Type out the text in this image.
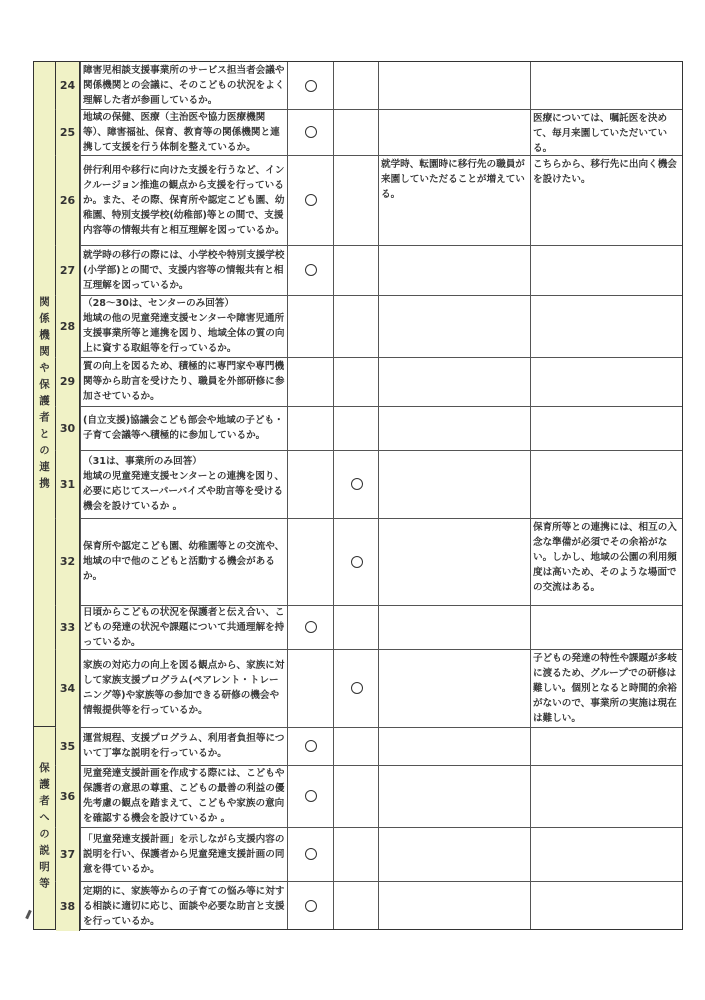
関係機関や保護者との連携
保護者への説明等
24
障害児相談支援事業所のサービス担当者会議や関係機関との会議に、そのこどもの状況をよく理解した者が参画しているか。
25
地域の保健、医療（主治医や協力医療機関等）、障害福祉、保育、教育等の関係機関と連携して支援を行う体制を整えているか。
医療については、嘱託医を決めて、毎月来園していただいている。
26
併行利用や移行に向けた支援を行うなど、インクルージョン推進の観点から支援を行っているか。また、その際、保育所や認定こども園、幼稚園、特別支援学校(幼稚部)等との間で、支援内容等の情報共有と相互理解を図っているか。
就学時、転園時に移行先の職員が来園していただることが増えている。
こちらから、移行先に出向く機会を設けたい。
27
就学時の移行の際には、小学校や特別支援学校(小学部)との間で、支援内容等の情報共有と相互理解を図っているか。
28
（28～30は、センターのみ回答）
地域の他の児童発達支援センターや障害児通所支援事業所等と連携を図り、地域全体の質の向上に資する取組等を行っているか。
29
質の向上を図るため、積極的に専門家や専門機関等から助言を受けたり、職員を外部研修に参加させているか。
30
(自立支援)協議会こども部会や地域の子ども・子育て会議等へ積極的に参加しているか。
31
（31は、事業所のみ回答）
地域の児童発達支援センターとの連携を図り、必要に応じてスーパーバイズや助言等を受ける機会を設けているか 。
32
保育所や認定こども園、幼稚園等との交流や、地域の中で他のこどもと活動する機会があるか。
保育所等との連携には、相互の入念な準備が必須でその余裕がない。しかし、地域の公園の利用頻度は高いため、そのような場面での交流はある。
33
日頃からこどもの状況を保護者と伝え合い、こどもの発達の状況や課題について共通理解を持っているか。
34
家族の対応力の向上を図る観点から、家族に対して家族支援プログラム(ペアレント・トレーニング等)や家族等の参加できる研修の機会や情報提供等を行っているか。
子どもの発達の特性や課題が多岐に渡るため、グループでの研修は難しい。個別となると時間的余裕がないので、事業所の実施は現在は難しい。
35
運営規程、支援プログラム、利用者負担等について丁寧な説明を行っているか。
36
児童発達支援計画を作成する際には、こどもや保護者の意思の尊重、こどもの最善の利益の優先考慮の観点を踏まえて、こどもや家族の意向を確認する機会を設けているか 。
37
「児童発達支援計画」を示しながら支援内容の説明を行い、保護者から児童発達支援計画の同意を得ているか。
38
定期的に、家族等からの子育ての悩み等に対する相談に適切に応じ、面談や必要な助言と支援を行っているか。
